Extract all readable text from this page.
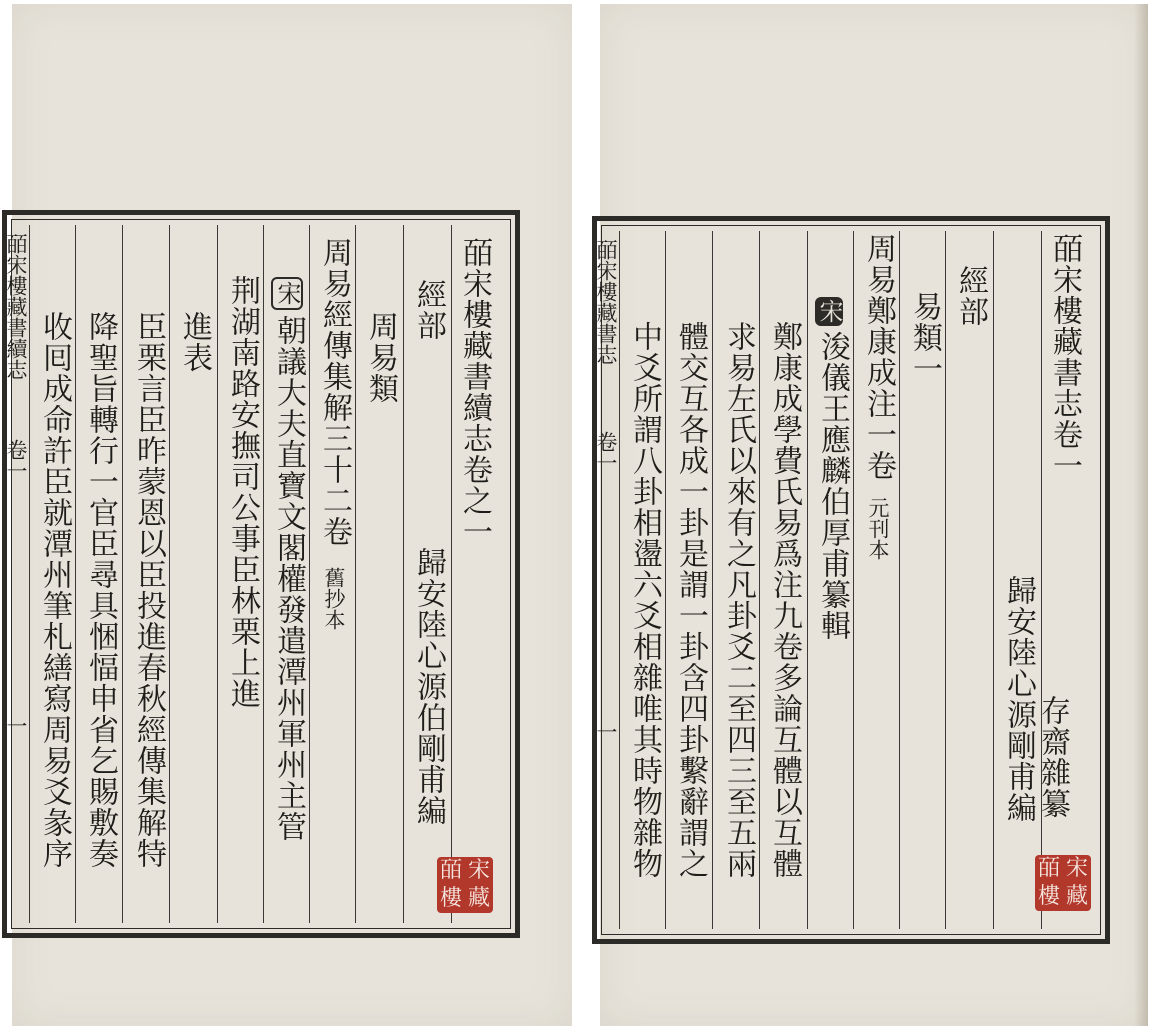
皕宋樓藏書續志
卷一
一
皕宋樓藏書續志卷之一
經部
歸安陸心源伯剛甫編
周易類
周易經傳集解三十二卷
舊抄本
宋
朝議大夫直寶文閣權發遣潭州軍州主管
荆湖南路安撫司公事臣林栗上進
進表
臣栗言臣昨蒙恩以臣投進春秋經傳集解特
降聖旨轉行一官臣尋具悃愊申省乞賜敷奏
收囘成命許臣就潭州筆札繕寫周易爻彖序
皕 宋
樓 藏
皕宋樓藏書志
卷一
一
皕宋樓藏書志卷一
歸安陸心源剛甫編 存齋雜纂
經部
易類一
周易鄭康成注一卷
元刊本
宋
浚儀王應麟伯厚甫纂輯
鄭康成學費氏易爲注九卷多論互體以互體
求易左氏以來有之凡卦爻二至四三至五兩
體交互各成一卦是謂一卦含四卦繫辭謂之
中爻所謂八卦相盪六爻相雜唯其時物雜物	皕 宋
樓 藏
